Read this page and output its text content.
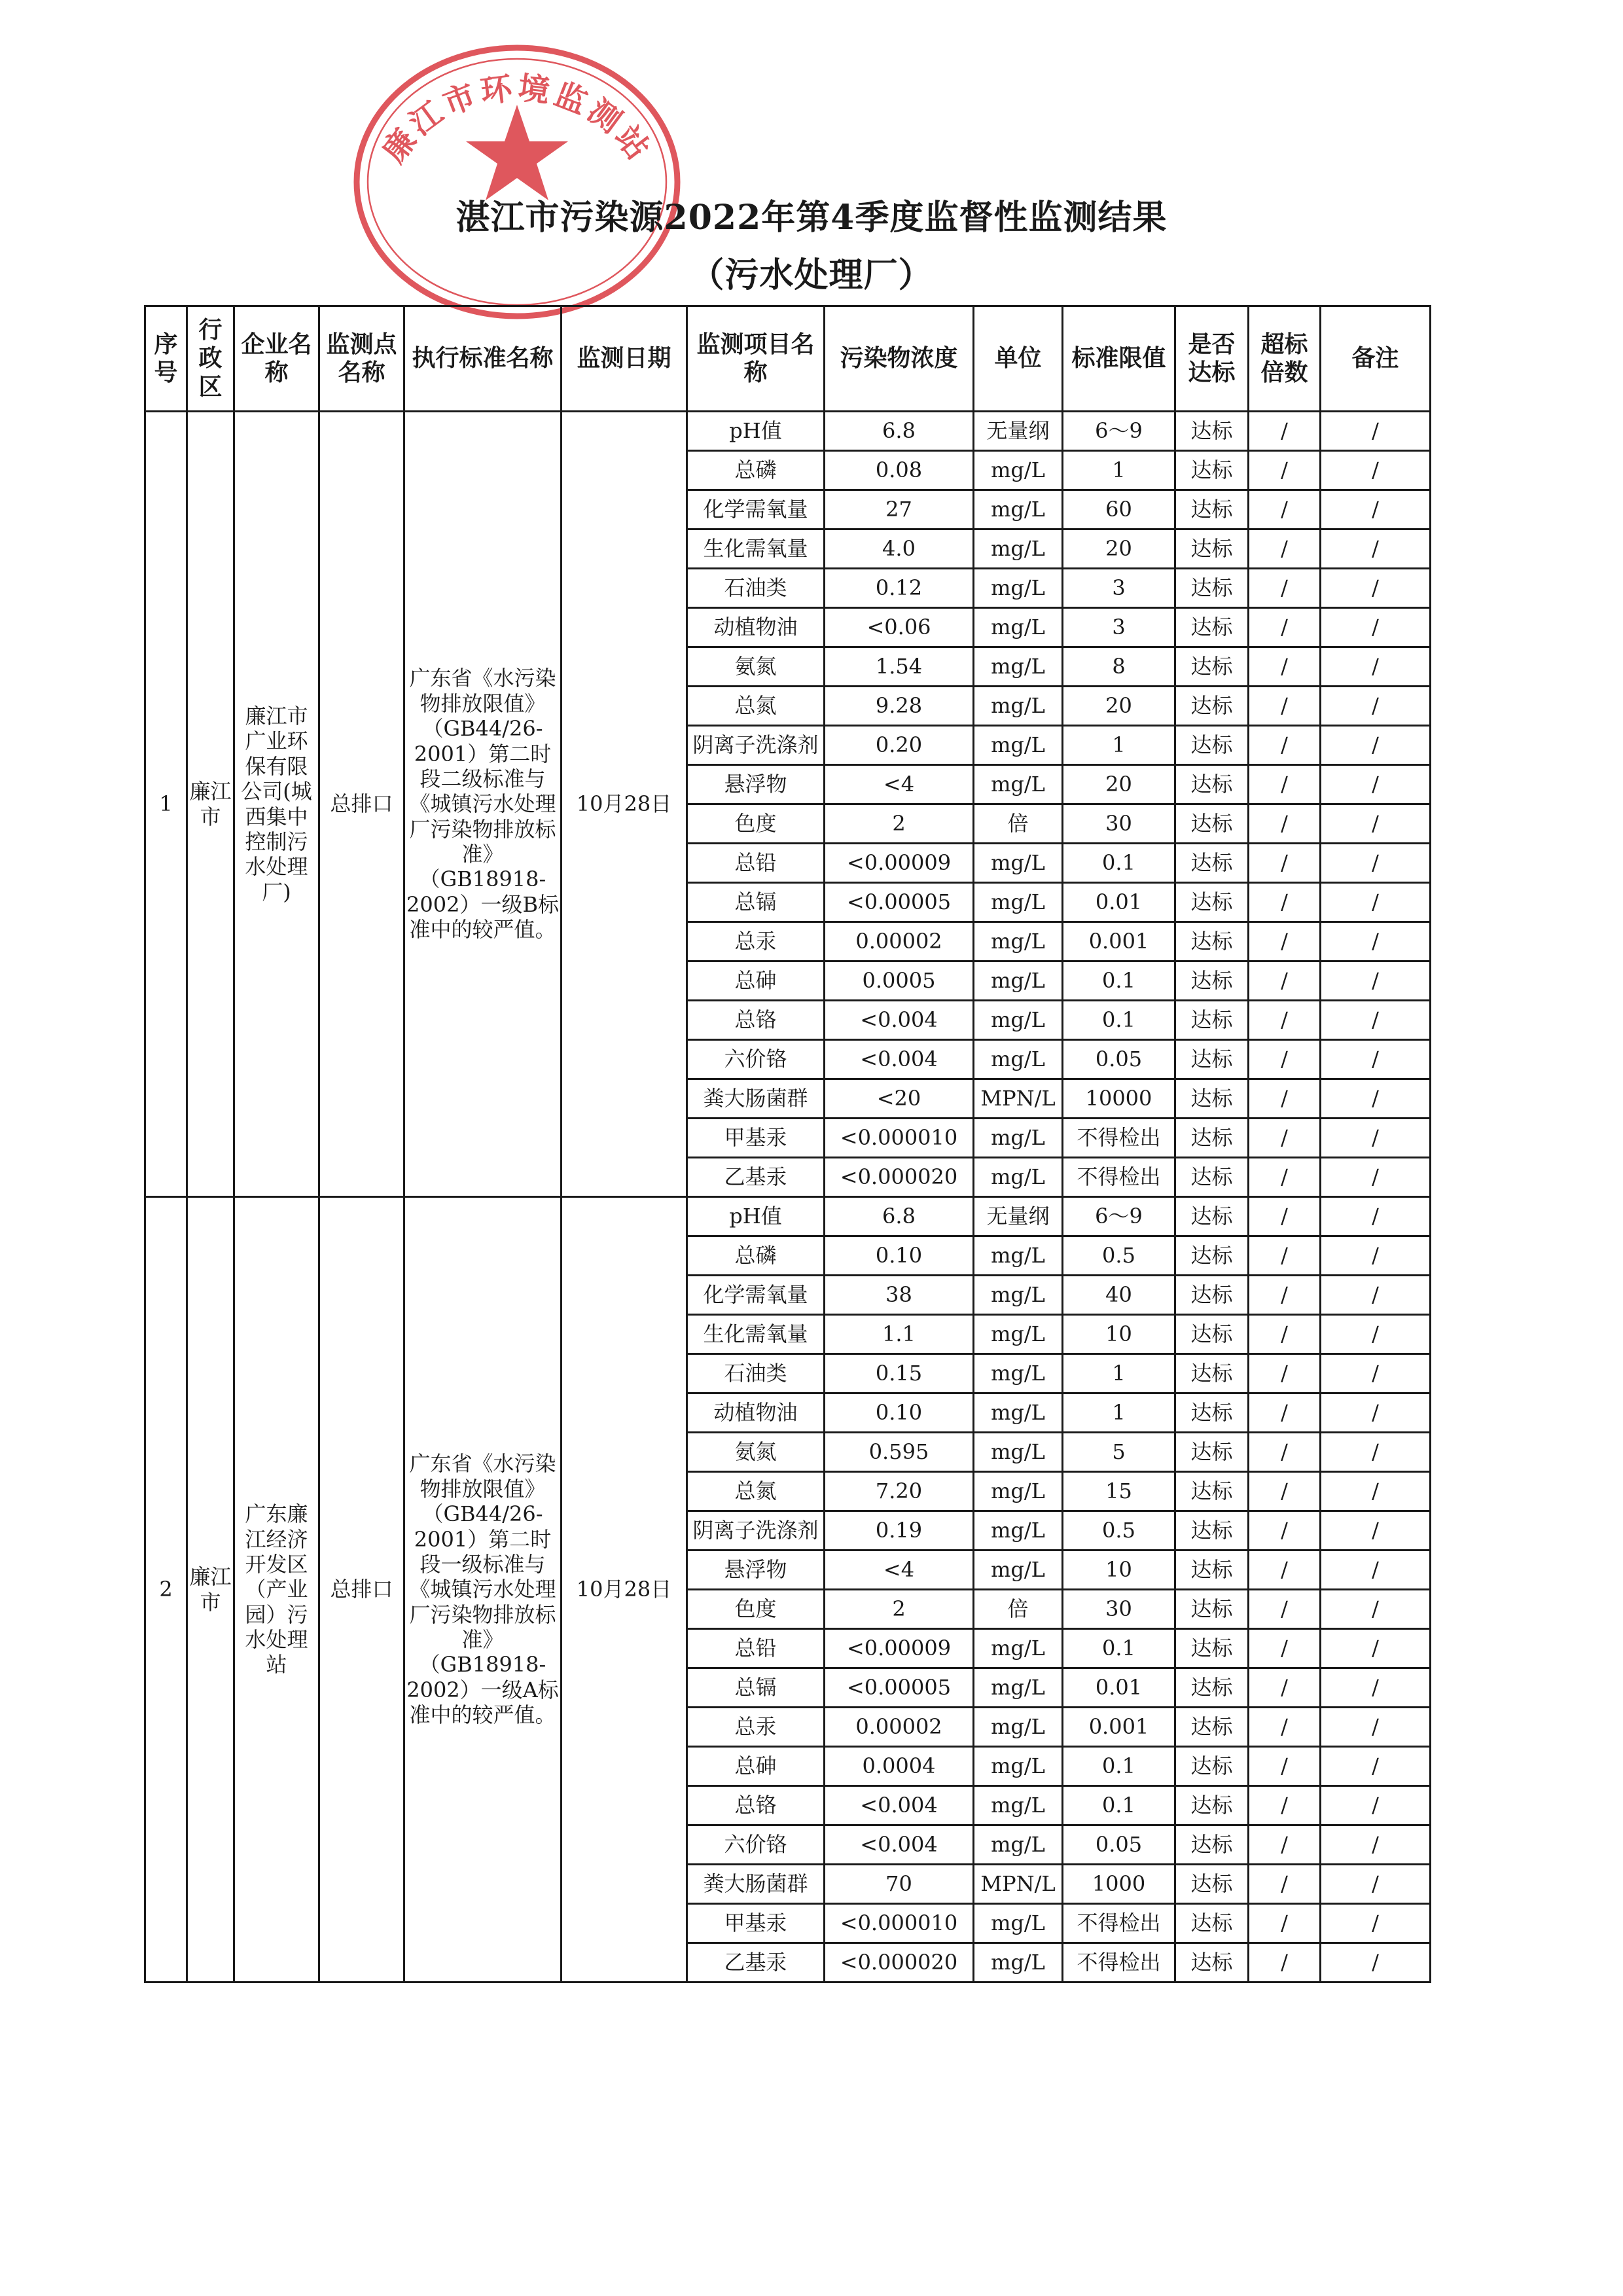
廉江市环境监测站
湛江市污染源2022年第4季度监督性监测结果
（污水处理厂）
序号	行政区	企业名称	监测点名称	执行标准名称	监测日期	监测项目名称	污染物浓度	单位	标准限值	是否达标	超标倍数	备注
1	廉江市	廉江市广业环保有限公司(城西集中控制污水处理厂)	总排口	广东省《水污染物排放限值》（GB44/26-2001）第二时段二级标准与《城镇污水处理厂污染物排放标准》（GB18918-2002）一级B标准中的较严值。	10月28日	pH值	6.8	无量纲	6～9	达标	/	/
						总磷	0.08	mg/L	1	达标	/	/
						化学需氧量	27	mg/L	60	达标	/	/
						生化需氧量	4.0	mg/L	20	达标	/	/
						石油类	0.12	mg/L	3	达标	/	/
						动植物油	<0.06	mg/L	3	达标	/	/
						氨氮	1.54	mg/L	8	达标	/	/
						总氮	9.28	mg/L	20	达标	/	/
						阴离子洗涤剂	0.20	mg/L	1	达标	/	/
						悬浮物	<4	mg/L	20	达标	/	/
						色度	2	倍	30	达标	/	/
						总铅	<0.00009	mg/L	0.1	达标	/	/
						总镉	<0.00005	mg/L	0.01	达标	/	/
						总汞	0.00002	mg/L	0.001	达标	/	/
						总砷	0.0005	mg/L	0.1	达标	/	/
						总铬	<0.004	mg/L	0.1	达标	/	/
						六价铬	<0.004	mg/L	0.05	达标	/	/
						粪大肠菌群	<20	MPN/L	10000	达标	/	/
						甲基汞	<0.000010	mg/L	不得检出	达标	/	/
						乙基汞	<0.000020	mg/L	不得检出	达标	/	/
2	廉江市	广东廉江经济开发区（产业园）污水处理站	总排口	广东省《水污染物排放限值》（GB44/26-2001）第二时段一级标准与《城镇污水处理厂污染物排放标准》（GB18918-2002）一级A标准中的较严值。	10月28日	pH值	6.8	无量纲	6～9	达标	/	/
						总磷	0.10	mg/L	0.5	达标	/	/
						化学需氧量	38	mg/L	40	达标	/	/
						生化需氧量	1.1	mg/L	10	达标	/	/
						石油类	0.15	mg/L	1	达标	/	/
						动植物油	0.10	mg/L	1	达标	/	/
						氨氮	0.595	mg/L	5	达标	/	/
						总氮	7.20	mg/L	15	达标	/	/
						阴离子洗涤剂	0.19	mg/L	0.5	达标	/	/
						悬浮物	<4	mg/L	10	达标	/	/
						色度	2	倍	30	达标	/	/
						总铅	<0.00009	mg/L	0.1	达标	/	/
						总镉	<0.00005	mg/L	0.01	达标	/	/
						总汞	0.00002	mg/L	0.001	达标	/	/
						总砷	0.0004	mg/L	0.1	达标	/	/
						总铬	<0.004	mg/L	0.1	达标	/	/
						六价铬	<0.004	mg/L	0.05	达标	/	/
						粪大肠菌群	70	MPN/L	1000	达标	/	/
						甲基汞	<0.000010	mg/L	不得检出	达标	/	/
						乙基汞	<0.000020	mg/L	不得检出	达标	/	/
